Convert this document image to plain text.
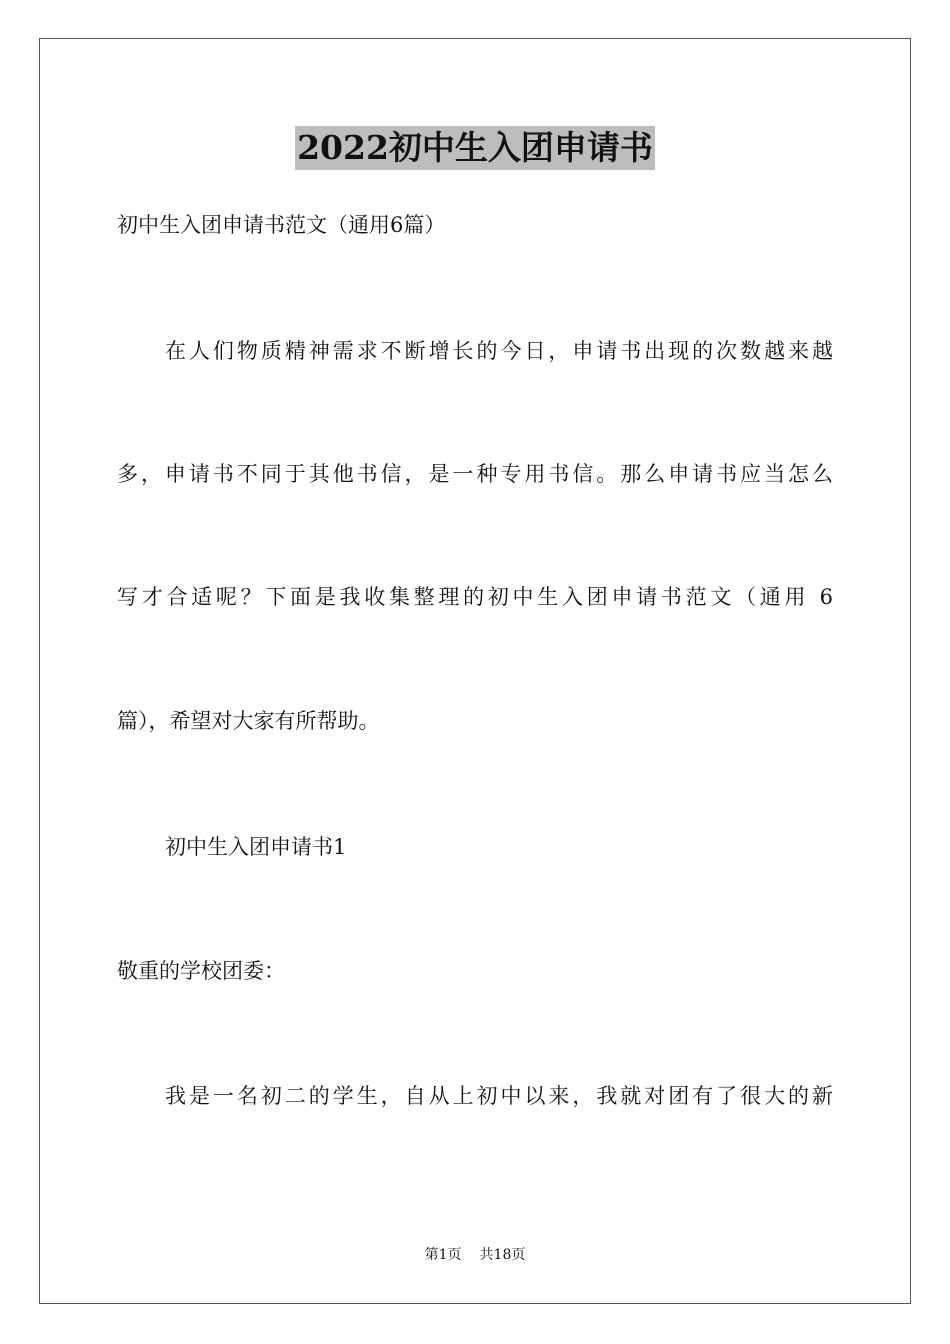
2022初中生入团申请书
初中生入团申请书范文（通用6篇）
在人们物质精神需求不断增长的今日，申请书出现的次数越来越
多，申请书不同于其他书信，是一种专用书信。那么申请书应当怎么
写才合适呢？下面是我收集整理的初中生入团申请书范文（通用 6
篇），希望对大家有所帮助。
初中生入团申请书1
敬重的学校团委：
我是一名初二的学生，自从上初中以来，我就对团有了很大的新
第1页 共18页
